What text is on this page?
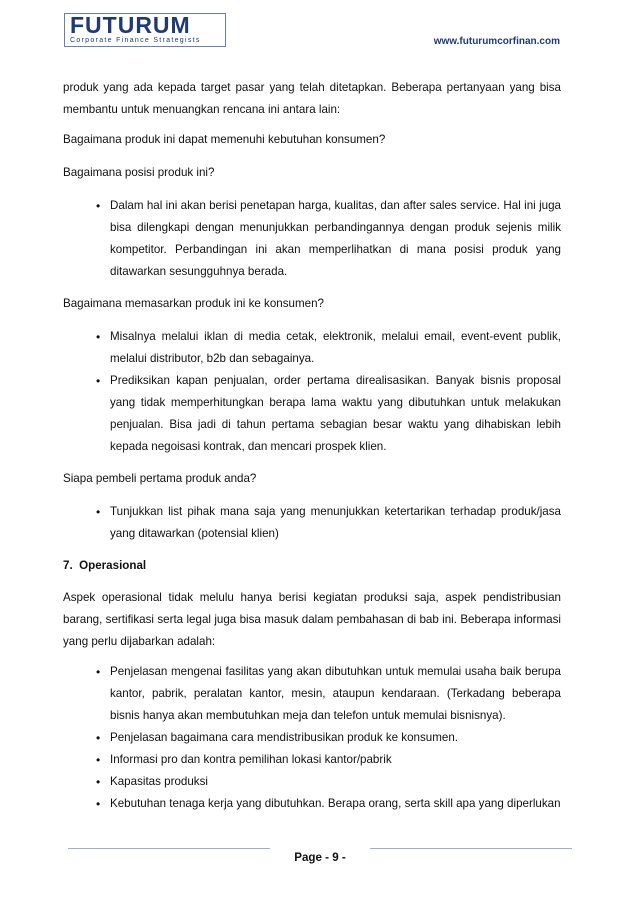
FUTURUM
Corporate Finance Strategists	www.futurumcorfinan.com

produk yang ada kepada target pasar yang telah ditetapkan. Beberapa pertanyaan yang bisa membantu untuk menuangkan rencana ini antara lain:

Bagaimana produk ini dapat memenuhi kebutuhan konsumen?

Bagaimana posisi produk ini?

• Dalam hal ini akan berisi penetapan harga, kualitas, dan after sales service. Hal ini juga bisa dilengkapi dengan menunjukkan perbandingannya dengan produk sejenis milik kompetitor. Perbandingan ini akan memperlihatkan di mana posisi produk yang ditawarkan sesungguhnya berada.

Bagaimana memasarkan produk ini ke konsumen?

• Misalnya melalui iklan di media cetak, elektronik, melalui email, event-event publik, melalui distributor, b2b dan sebagainya.
• Prediksikan kapan penjualan, order pertama direalisasikan. Banyak bisnis proposal yang tidak memperhitungkan berapa lama waktu yang dibutuhkan untuk melakukan penjualan. Bisa jadi di tahun pertama sebagian besar waktu yang dihabiskan lebih kepada negoisasi kontrak, dan mencari prospek klien.

Siapa pembeli pertama produk anda?

• Tunjukkan list pihak mana saja yang menunjukkan ketertarikan terhadap produk/jasa yang ditawarkan (potensial klien)

7.  Operasional

Aspek operasional tidak melulu hanya berisi kegiatan produksi saja, aspek pendistribusian barang, sertifikasi serta legal juga bisa masuk dalam pembahasan di bab ini. Beberapa informasi yang perlu dijabarkan adalah:

• Penjelasan mengenai fasilitas yang akan dibutuhkan untuk memulai usaha baik berupa kantor, pabrik, peralatan kantor, mesin, ataupun kendaraan. (Terkadang beberapa bisnis hanya akan membutuhkan meja dan telefon untuk memulai bisnisnya).
• Penjelasan bagaimana cara mendistribusikan produk ke konsumen.
• Informasi pro dan kontra pemilihan lokasi kantor/pabrik
• Kapasitas produksi
• Kebutuhan tenaga kerja yang dibutuhkan. Berapa orang, serta skill apa yang diperlukan
Page - 9 -
